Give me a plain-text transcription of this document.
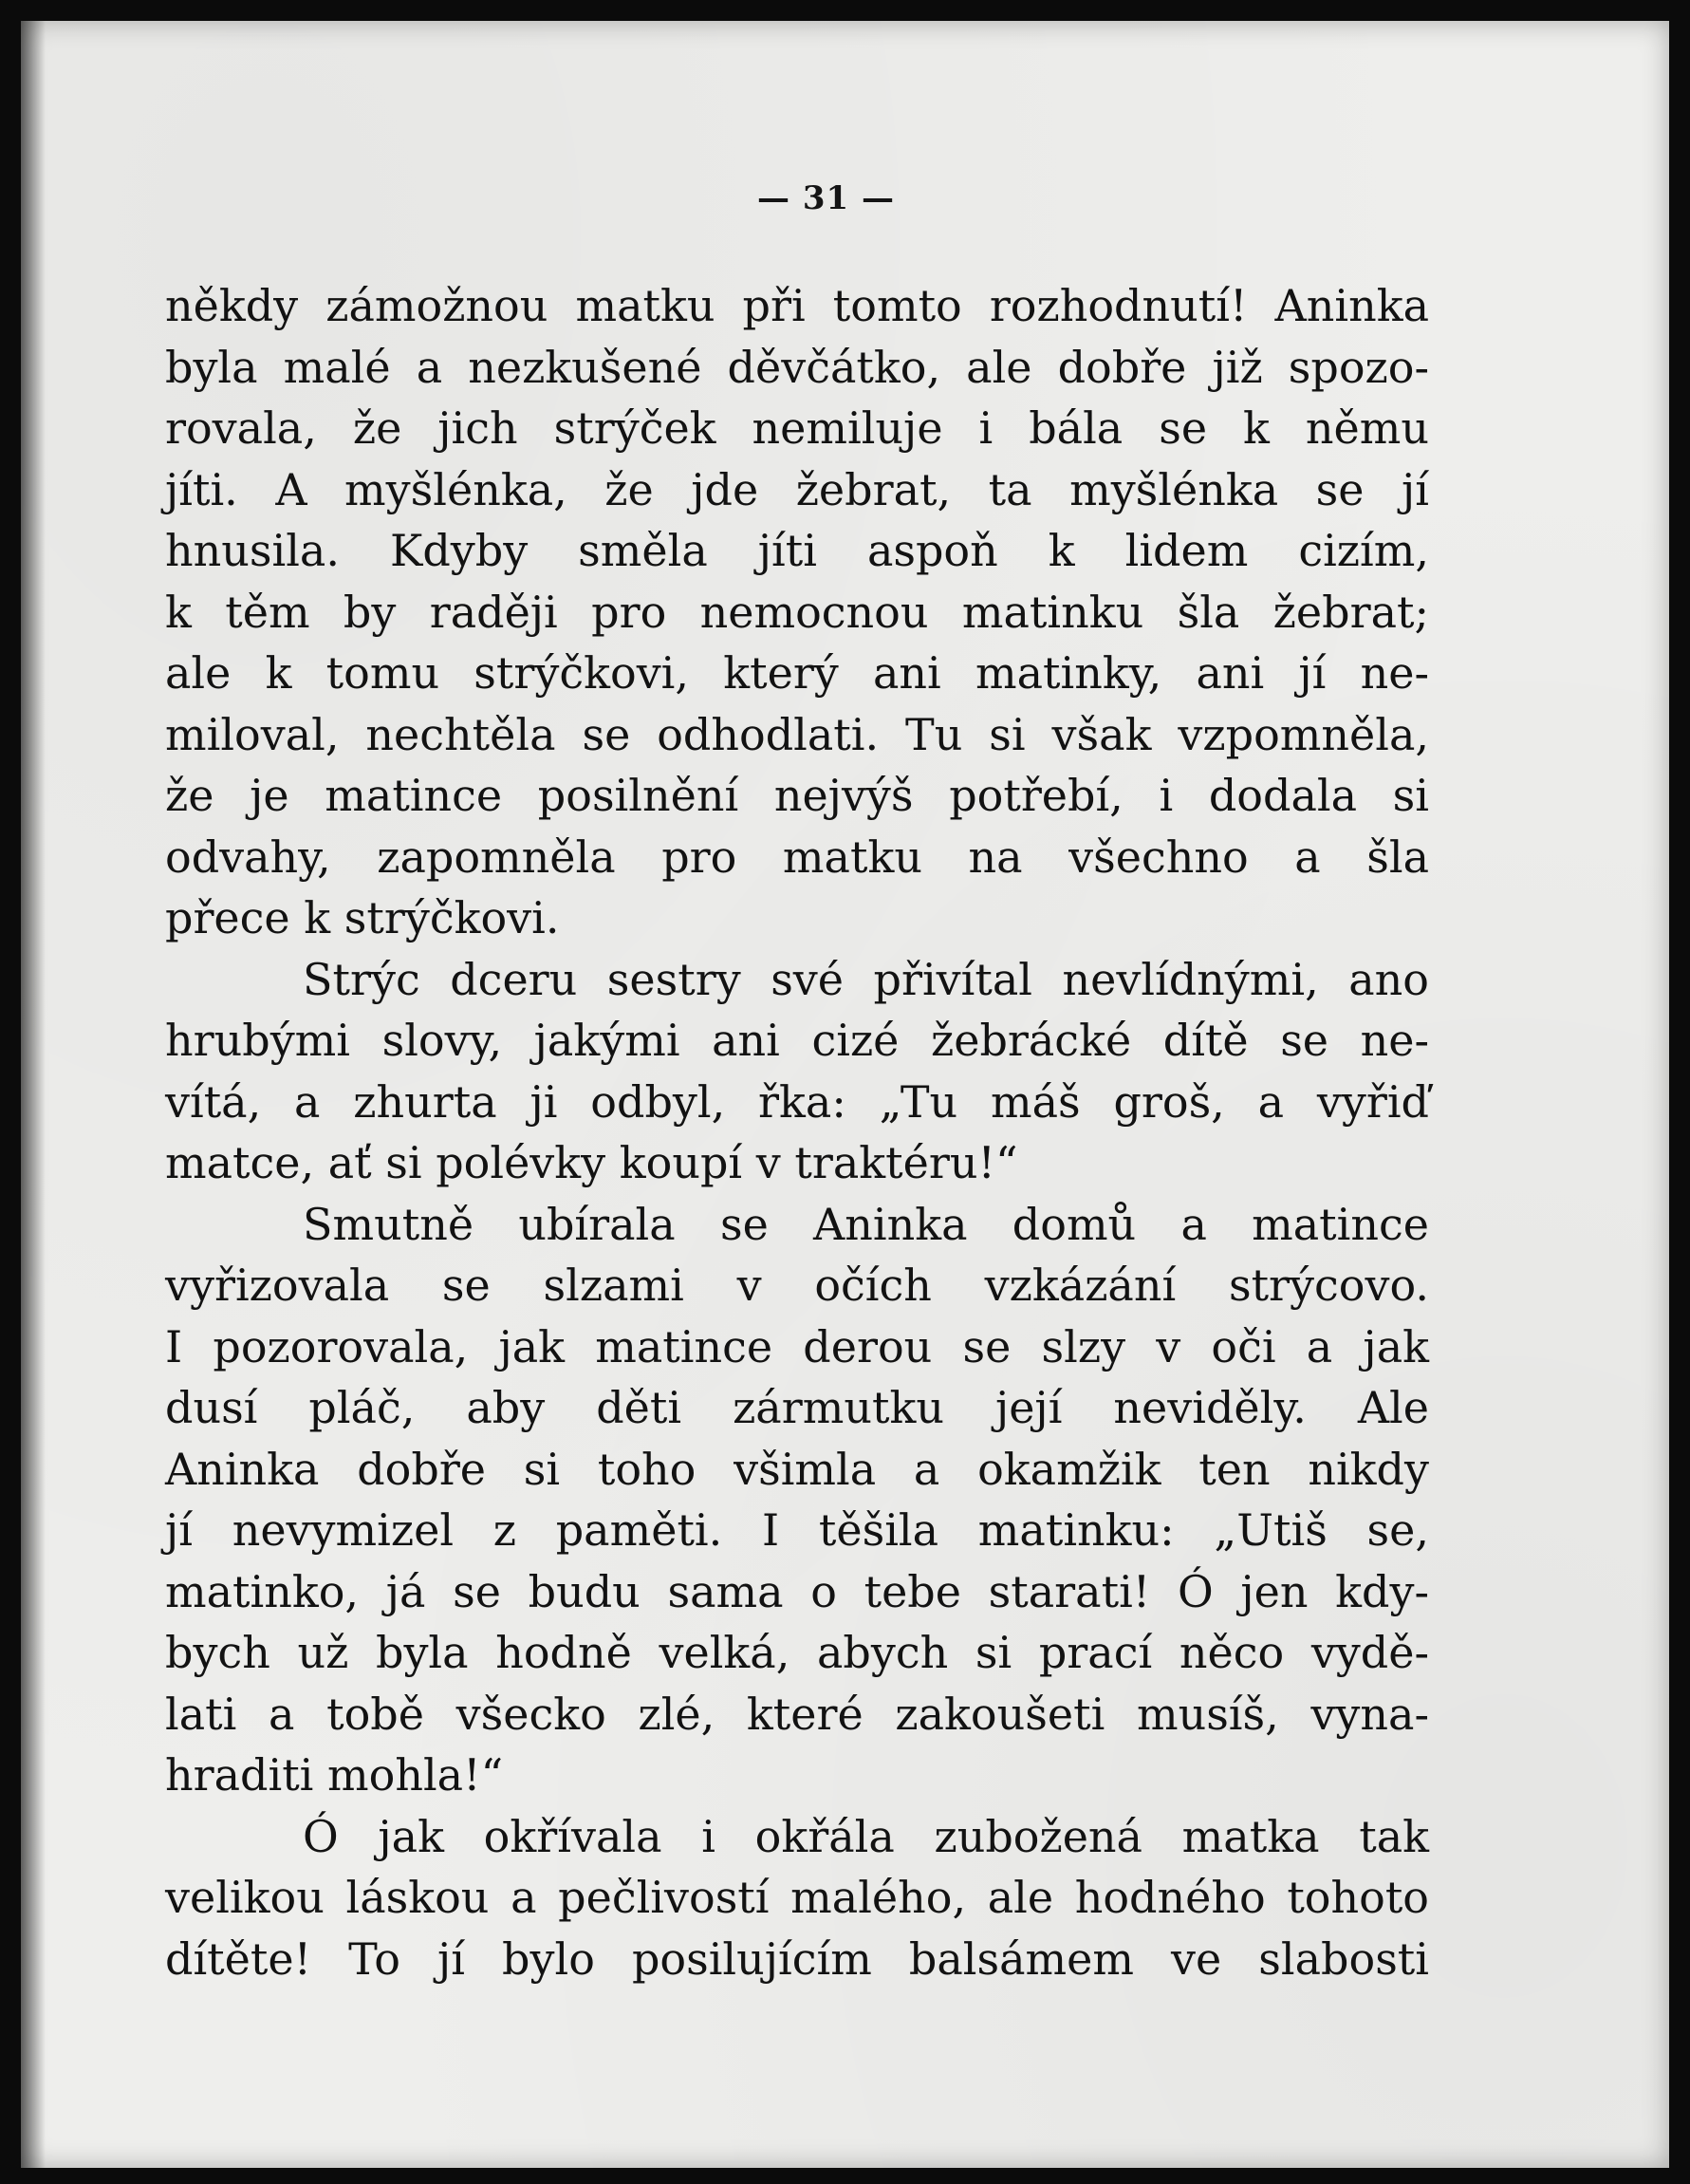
— 31 —
někdy zámožnou matku při tomto rozhodnutí! Aninka
byla malé a nezkušené děvčátko, ale dobře již spozo-
rovala, že jich strýček nemiluje i bála se k němu
jíti. A myšlénka, že jde žebrat, ta myšlénka se jí
hnusila. Kdyby směla jíti aspoň k lidem cizím,
k těm by raději pro nemocnou matinku šla žebrat;
ale k tomu strýčkovi, který ani matinky, ani jí ne-
miloval, nechtěla se odhodlati. Tu si však vzpomněla,
že je matince posilnění nejvýš potřebí, i dodala si
odvahy, zapomněla pro matku na všechno a šla
přece k strýčkovi.
Strýc dceru sestry své přivítal nevlídnými, ano
hrubými slovy, jakými ani cizé žebrácké dítě se ne-
vítá, a zhurta ji odbyl, řka: „Tu máš groš, a vyřiď
matce, ať si polévky koupí v traktéru!“
Smutně ubírala se Aninka domů a matince
vyřizovala se slzami v očích vzkázání strýcovo.
I pozorovala, jak matince derou se slzy v oči a jak
dusí pláč, aby děti zármutku její neviděly. Ale
Aninka dobře si toho všimla a okamžik ten nikdy
jí nevymizel z paměti. I těšila matinku: „Utiš se,
matinko, já se budu sama o tebe starati! Ó jen kdy-
bych už byla hodně velká, abych si prací něco vydě-
lati a tobě všecko zlé, které zakoušeti musíš, vyna-
hraditi mohla!“
Ó jak okřívala i okřála zubožená matka tak
velikou láskou a pečlivostí malého, ale hodného tohoto
dítěte! To jí bylo posilujícím balsámem ve slabosti
